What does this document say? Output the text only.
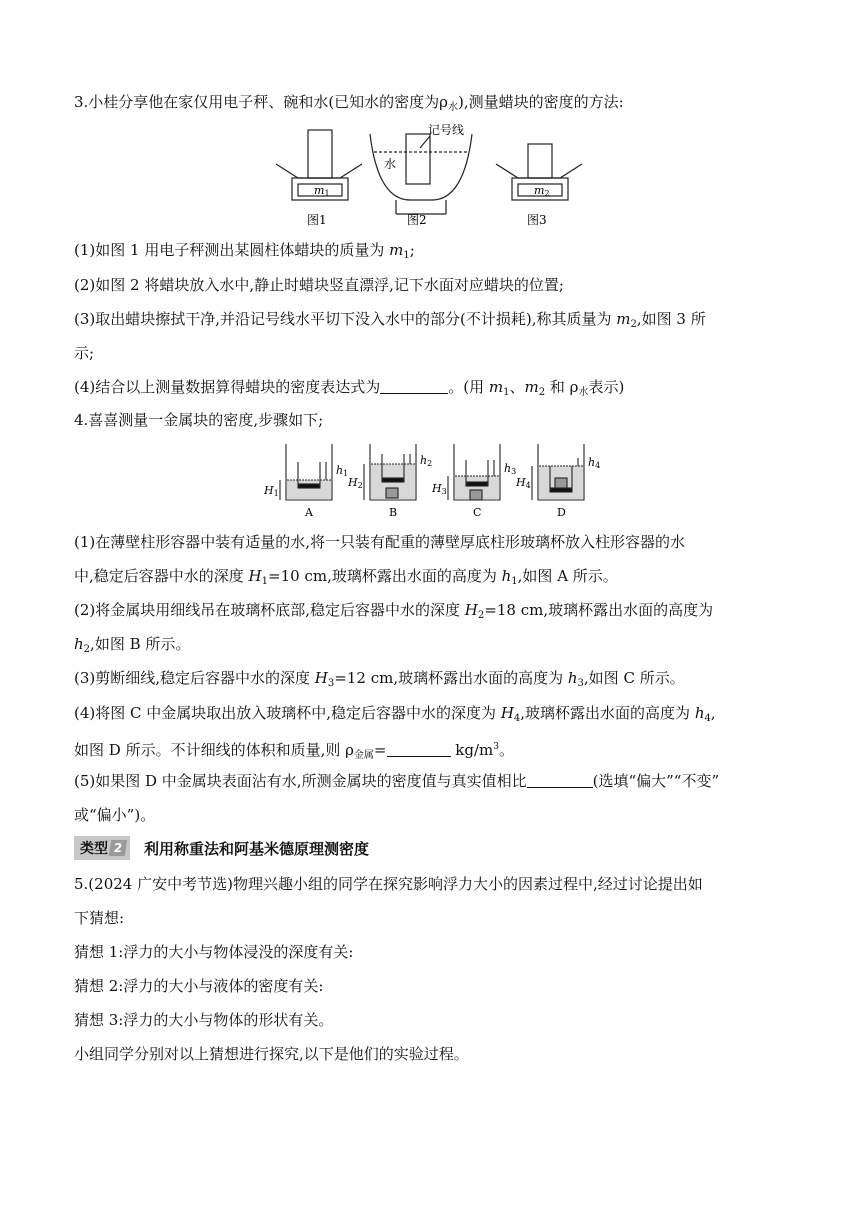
3.小桂分享他在家仅用电子秤、碗和水(已知水的密度为$\rho_水$),测量蜡块的密度的方法:
m1	m2
水
记号线
图1	图2	图3
(1)如图 1 用电子秤测出某圆柱体蜡块的质量为 $m_1$;
(2)如图 2 将蜡块放入水中,静止时蜡块竖直漂浮,记下水面对应蜡块的位置;
(3)取出蜡块擦拭干净,并沿记号线水平切下没入水中的部分(不计损耗),称其质量为 $m_2$,如图 3 所
示;
(4)结合以上测量数据算得蜡块的密度表达式为	。(用 $m_1$、$m_2$ 和 $\rho_水$表示)
4.喜喜测量一金属块的密度,步骤如下;
H1
H2	H3
H4
h1
h2	h3
h4
A	B	C	D
(1)在薄壁柱形容器中装有适量的水,将一只装有配重的薄壁厚底柱形玻璃杯放入柱形容器的水
中,稳定后容器中水的深度 $H_1=10$ cm,玻璃杯露出水面的高度为 $h_1$,如图 A 所示。
(2)将金属块用细线吊在玻璃杯底部,稳定后容器中水的深度 $H_2=18$ cm,玻璃杯露出水面的高度为
$h_2$,如图 B 所示。
(3)剪断细线,稳定后容器中水的深度 $H_3=12$ cm,玻璃杯露出水面的高度为 $h_3$,如图 C 所示。
(4)将图 C 中金属块取出放入玻璃杯中,稳定后容器中水的深度为 $H_4$,玻璃杯露出水面的高度为 $h_4$,
如图 D 所示。不计细线的体积和质量,则 $\rho_{金属}=$	$kg/m^3$。
(5)如果图 D 中金属块表面沾有水,所测金属块的密度值与真实值相比	(选填“偏大”“不变”
或“偏小”)。
类型 2 利用称重法和阿基米德原理测密度
5.(2024 广安中考节选)物理兴趣小组的同学在探究影响浮力大小的因素过程中,经过讨论提出如
下猜想:
猜想 1:浮力的大小与物体浸没的深度有关:
猜想 2:浮力的大小与液体的密度有关:
猜想 3:浮力的大小与物体的形状有关。
小组同学分别对以上猜想进行探究,以下是他们的实验过程。
